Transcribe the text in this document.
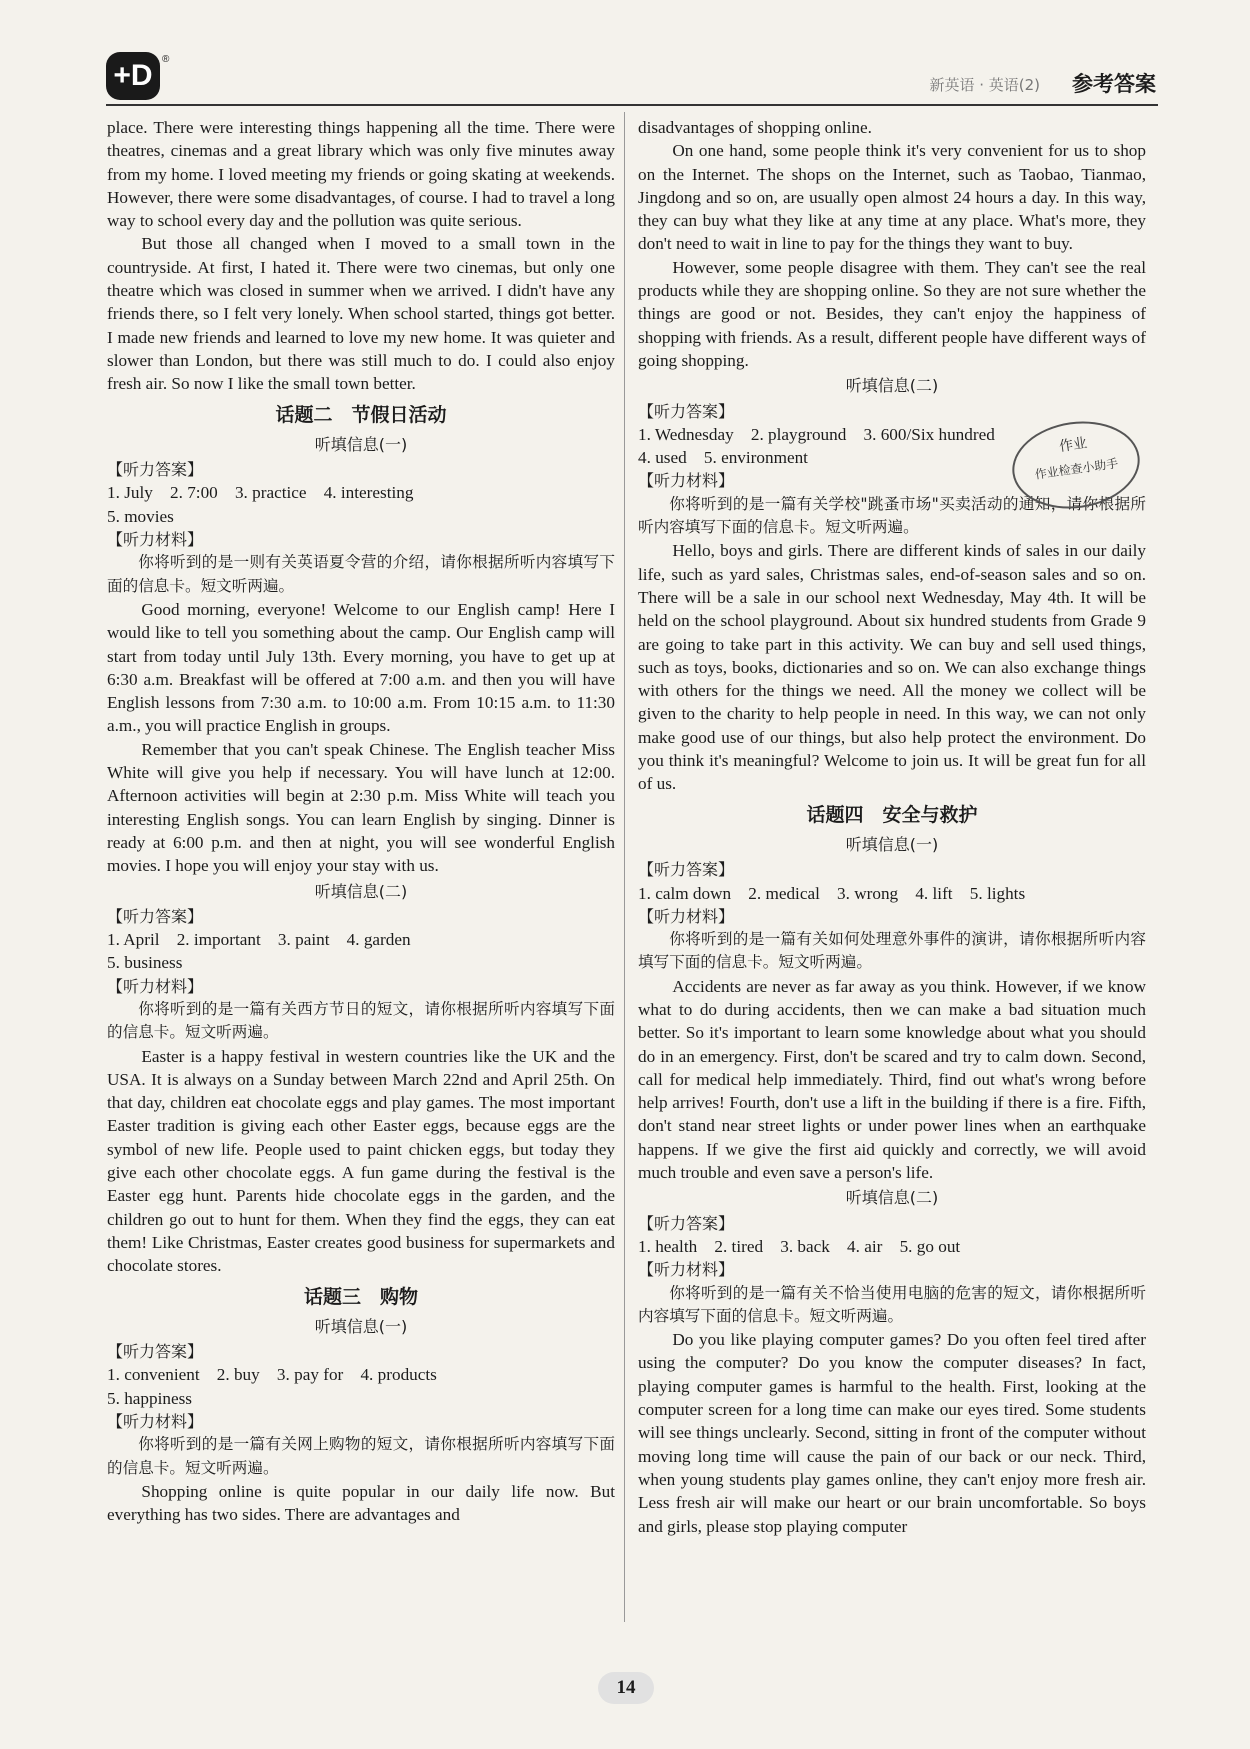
+D ®
新英语 · 英语(2) 参考答案

place. There were interesting things happening all the time. There were theatres, cinemas and a great library which was only five minutes away from my home. I loved meeting my friends or going skating at weekends. However, there were some disadvantages, of course. I had to travel a long way to school every day and the pollution was quite serious.

But those all changed when I moved to a small town in the countryside. At first, I hated it. There were two cinemas, but only one theatre which was closed in summer when we arrived. I didn't have any friends there, so I felt very lonely. When school started, things got better. I made new friends and learned to love my new home. It was quieter and slower than London, but there was still much to do. I could also enjoy fresh air. So now I like the small town better.

话题二　节假日活动

听填信息(一)

【听力答案】

1. July　2. 7:00　3. practice　4. interesting

5. movies

【听力材料】

你将听到的是一则有关英语夏令营的介绍，请你根据所听内容填写下面的信息卡。短文听两遍。

Good morning, everyone! Welcome to our English camp! Here I would like to tell you something about the camp. Our English camp will start from today until July 13th. Every morning, you have to get up at 6:30 a.m. Breakfast will be offered at 7:00 a.m. and then you will have English lessons from 7:30 a.m. to 10:00 a.m. From 10:15 a.m. to 11:30 a.m., you will practice English in groups.

Remember that you can't speak Chinese. The English teacher Miss White will give you help if necessary. You will have lunch at 12:00. Afternoon activities will begin at 2:30 p.m. Miss White will teach you interesting English songs. You can learn English by singing. Dinner is ready at 6:00 p.m. and then at night, you will see wonderful English movies. I hope you will enjoy your stay with us.

听填信息(二)

【听力答案】

1. April　2. important　3. paint　4. garden

5. business

【听力材料】

你将听到的是一篇有关西方节日的短文，请你根据所听内容填写下面的信息卡。短文听两遍。

Easter is a happy festival in western countries like the UK and the USA. It is always on a Sunday between March 22nd and April 25th. On that day, children eat chocolate eggs and play games. The most important Easter tradition is giving each other Easter eggs, because eggs are the symbol of new life. People used to paint chicken eggs, but today they give each other chocolate eggs. A fun game during the festival is the Easter egg hunt. Parents hide chocolate eggs in the garden, and the children go out to hunt for them. When they find the eggs, they can eat them! Like Christmas, Easter creates good business for supermarkets and chocolate stores.

话题三　购物

听填信息(一)

【听力答案】

1. convenient　2. buy　3. pay for　4. products

5. happiness

【听力材料】

你将听到的是一篇有关网上购物的短文，请你根据所听内容填写下面的信息卡。短文听两遍。

Shopping online is quite popular in our daily life now. But everything has two sides. There are advantages and

disadvantages of shopping online.

On one hand, some people think it's very convenient for us to shop on the Internet. The shops on the Internet, such as Taobao, Tianmao, Jingdong and so on, are usually open almost 24 hours a day. In this way, they can buy what they like at any time at any place. What's more, they don't need to wait in line to pay for the things they want to buy.

However, some people disagree with them. They can't see the real products while they are shopping online. So they are not sure whether the things are good or not. Besides, they can't enjoy the happiness of shopping with friends. As a result, different people have different ways of going shopping.

听填信息(二)

【听力答案】

1. Wednesday　2. playground　3. 600/Six hundred

4. used　5. environment

【听力材料】

你将听到的是一篇有关学校"跳蚤市场"买卖活动的通知，请你根据所听内容填写下面的信息卡。短文听两遍。

Hello, boys and girls. There are different kinds of sales in our daily life, such as yard sales, Christmas sales, end-of-season sales and so on. There will be a sale in our school next Wednesday, May 4th. It will be held on the school playground. About six hundred students from Grade 9 are going to take part in this activity. We can buy and sell used things, such as toys, books, dictionaries and so on. We can also exchange things with others for the things we need. All the money we collect will be given to the charity to help people in need. In this way, we can not only make good use of our things, but also help protect the environment. Do you think it's meaningful? Welcome to join us. It will be great fun for all of us.

话题四　安全与救护

听填信息(一)

【听力答案】

1. calm down　2. medical　3. wrong　4. lift　5. lights

【听力材料】

你将听到的是一篇有关如何处理意外事件的演讲，请你根据所听内容填写下面的信息卡。短文听两遍。

Accidents are never as far away as you think. However, if we know what to do during accidents, then we can make a bad situation much better. So it's important to learn some knowledge about what you should do in an emergency. First, don't be scared and try to calm down. Second, call for medical help immediately. Third, find out what's wrong before help arrives! Fourth, don't use a lift in the building if there is a fire. Fifth, don't stand near street lights or under power lines when an earthquake happens. If we give the first aid quickly and correctly, we will avoid much trouble and even save a person's life.

听填信息(二)

【听力答案】

1. health　2. tired　3. back　4. air　5. go out

【听力材料】

你将听到的是一篇有关不恰当使用电脑的危害的短文，请你根据所听内容填写下面的信息卡。短文听两遍。

Do you like playing computer games? Do you often feel tired after using the computer? Do you know the computer diseases? In fact, playing computer games is harmful to the health. First, looking at the computer screen for a long time can make our eyes tired. Some students will see things unclearly. Second, sitting in front of the computer without moving long time will cause the pain of our back or our neck. Third, when young students play games online, they can't enjoy more fresh air. Less fresh air will make our heart or our brain uncomfortable. So boys and girls, please stop playing computer

作业
作业检查小助手
14
